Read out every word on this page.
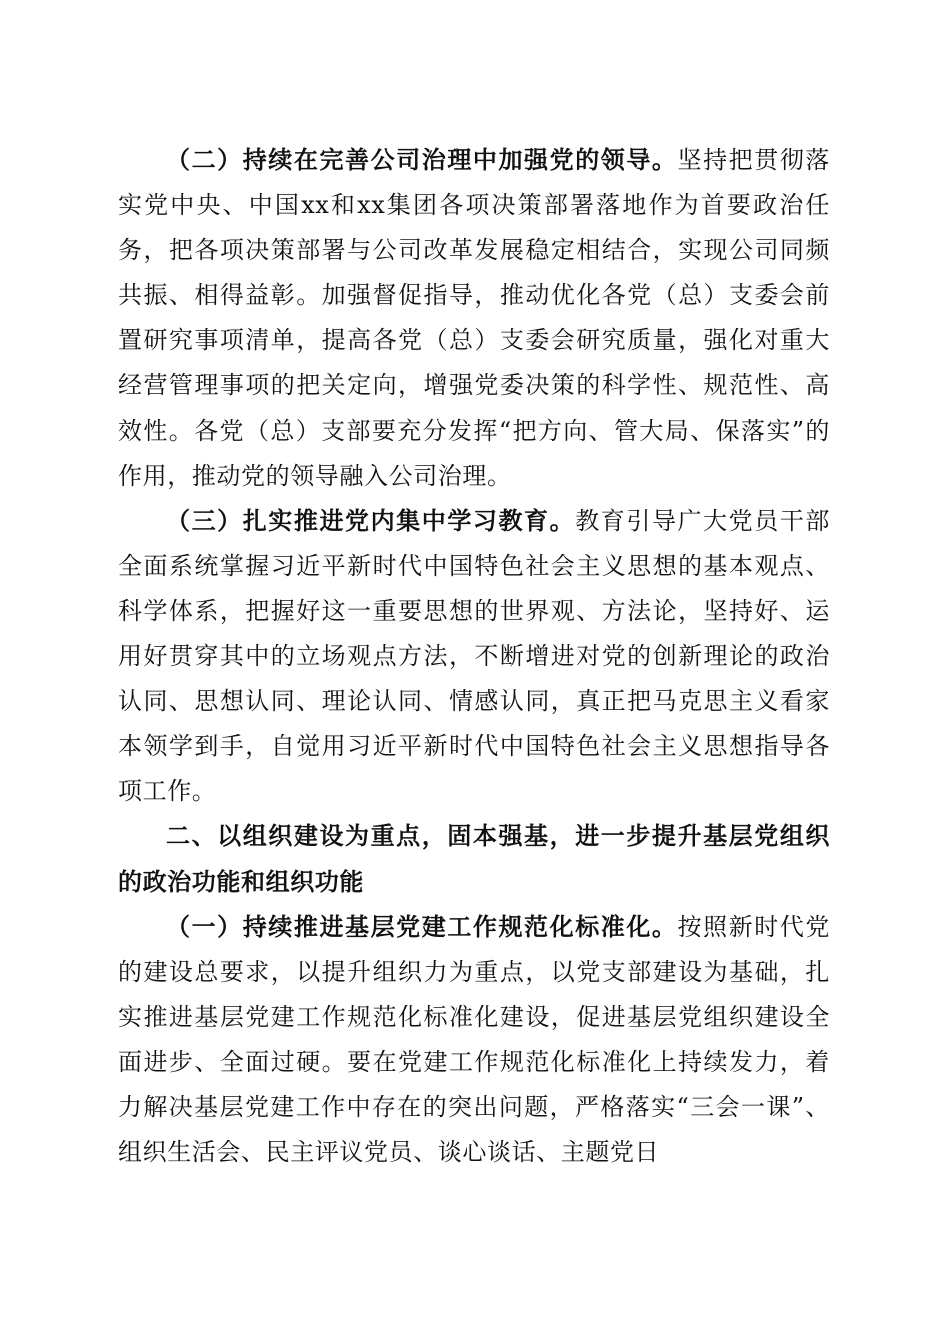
（二）持续在完善公司治理中加强党的领导。坚持把贯彻落实党中央、中国xx和xx集团各项决策部署落地作为首要政治任务，把各项决策部署与公司改革发展稳定相结合，实现公司同频共振、相得益彰。加强督促指导，推动优化各党（总）支委会前置研究事项清单，提高各党（总）支委会研究质量，强化对重大经营管理事项的把关定向，增强党委决策的科学性、规范性、高效性。各党（总）支部要充分发挥“把方向、管大局、保落实”的作用，推动党的领导融入公司治理。

（三）扎实推进党内集中学习教育。教育引导广大党员干部全面系统掌握习近平新时代中国特色社会主义思想的基本观点、科学体系，把握好这一重要思想的世界观、方法论，坚持好、运用好贯穿其中的立场观点方法，不断增进对党的创新理论的政治认同、思想认同、理论认同、情感认同，真正把马克思主义看家本领学到手，自觉用习近平新时代中国特色社会主义思想指导各项工作。

二、以组织建设为重点，固本强基，进一步提升基层党组织的政治功能和组织功能

（一）持续推进基层党建工作规范化标准化。按照新时代党的建设总要求，以提升组织力为重点，以党支部建设为基础，扎实推进基层党建工作规范化标准化建设，促进基层党组织建设全面进步、全面过硬。要在党建工作规范化标准化上持续发力，着力解决基层党建工作中存在的突出问题，严格落实“三会一课”、组织生活会、民主评议党员、谈心谈话、主题党日
